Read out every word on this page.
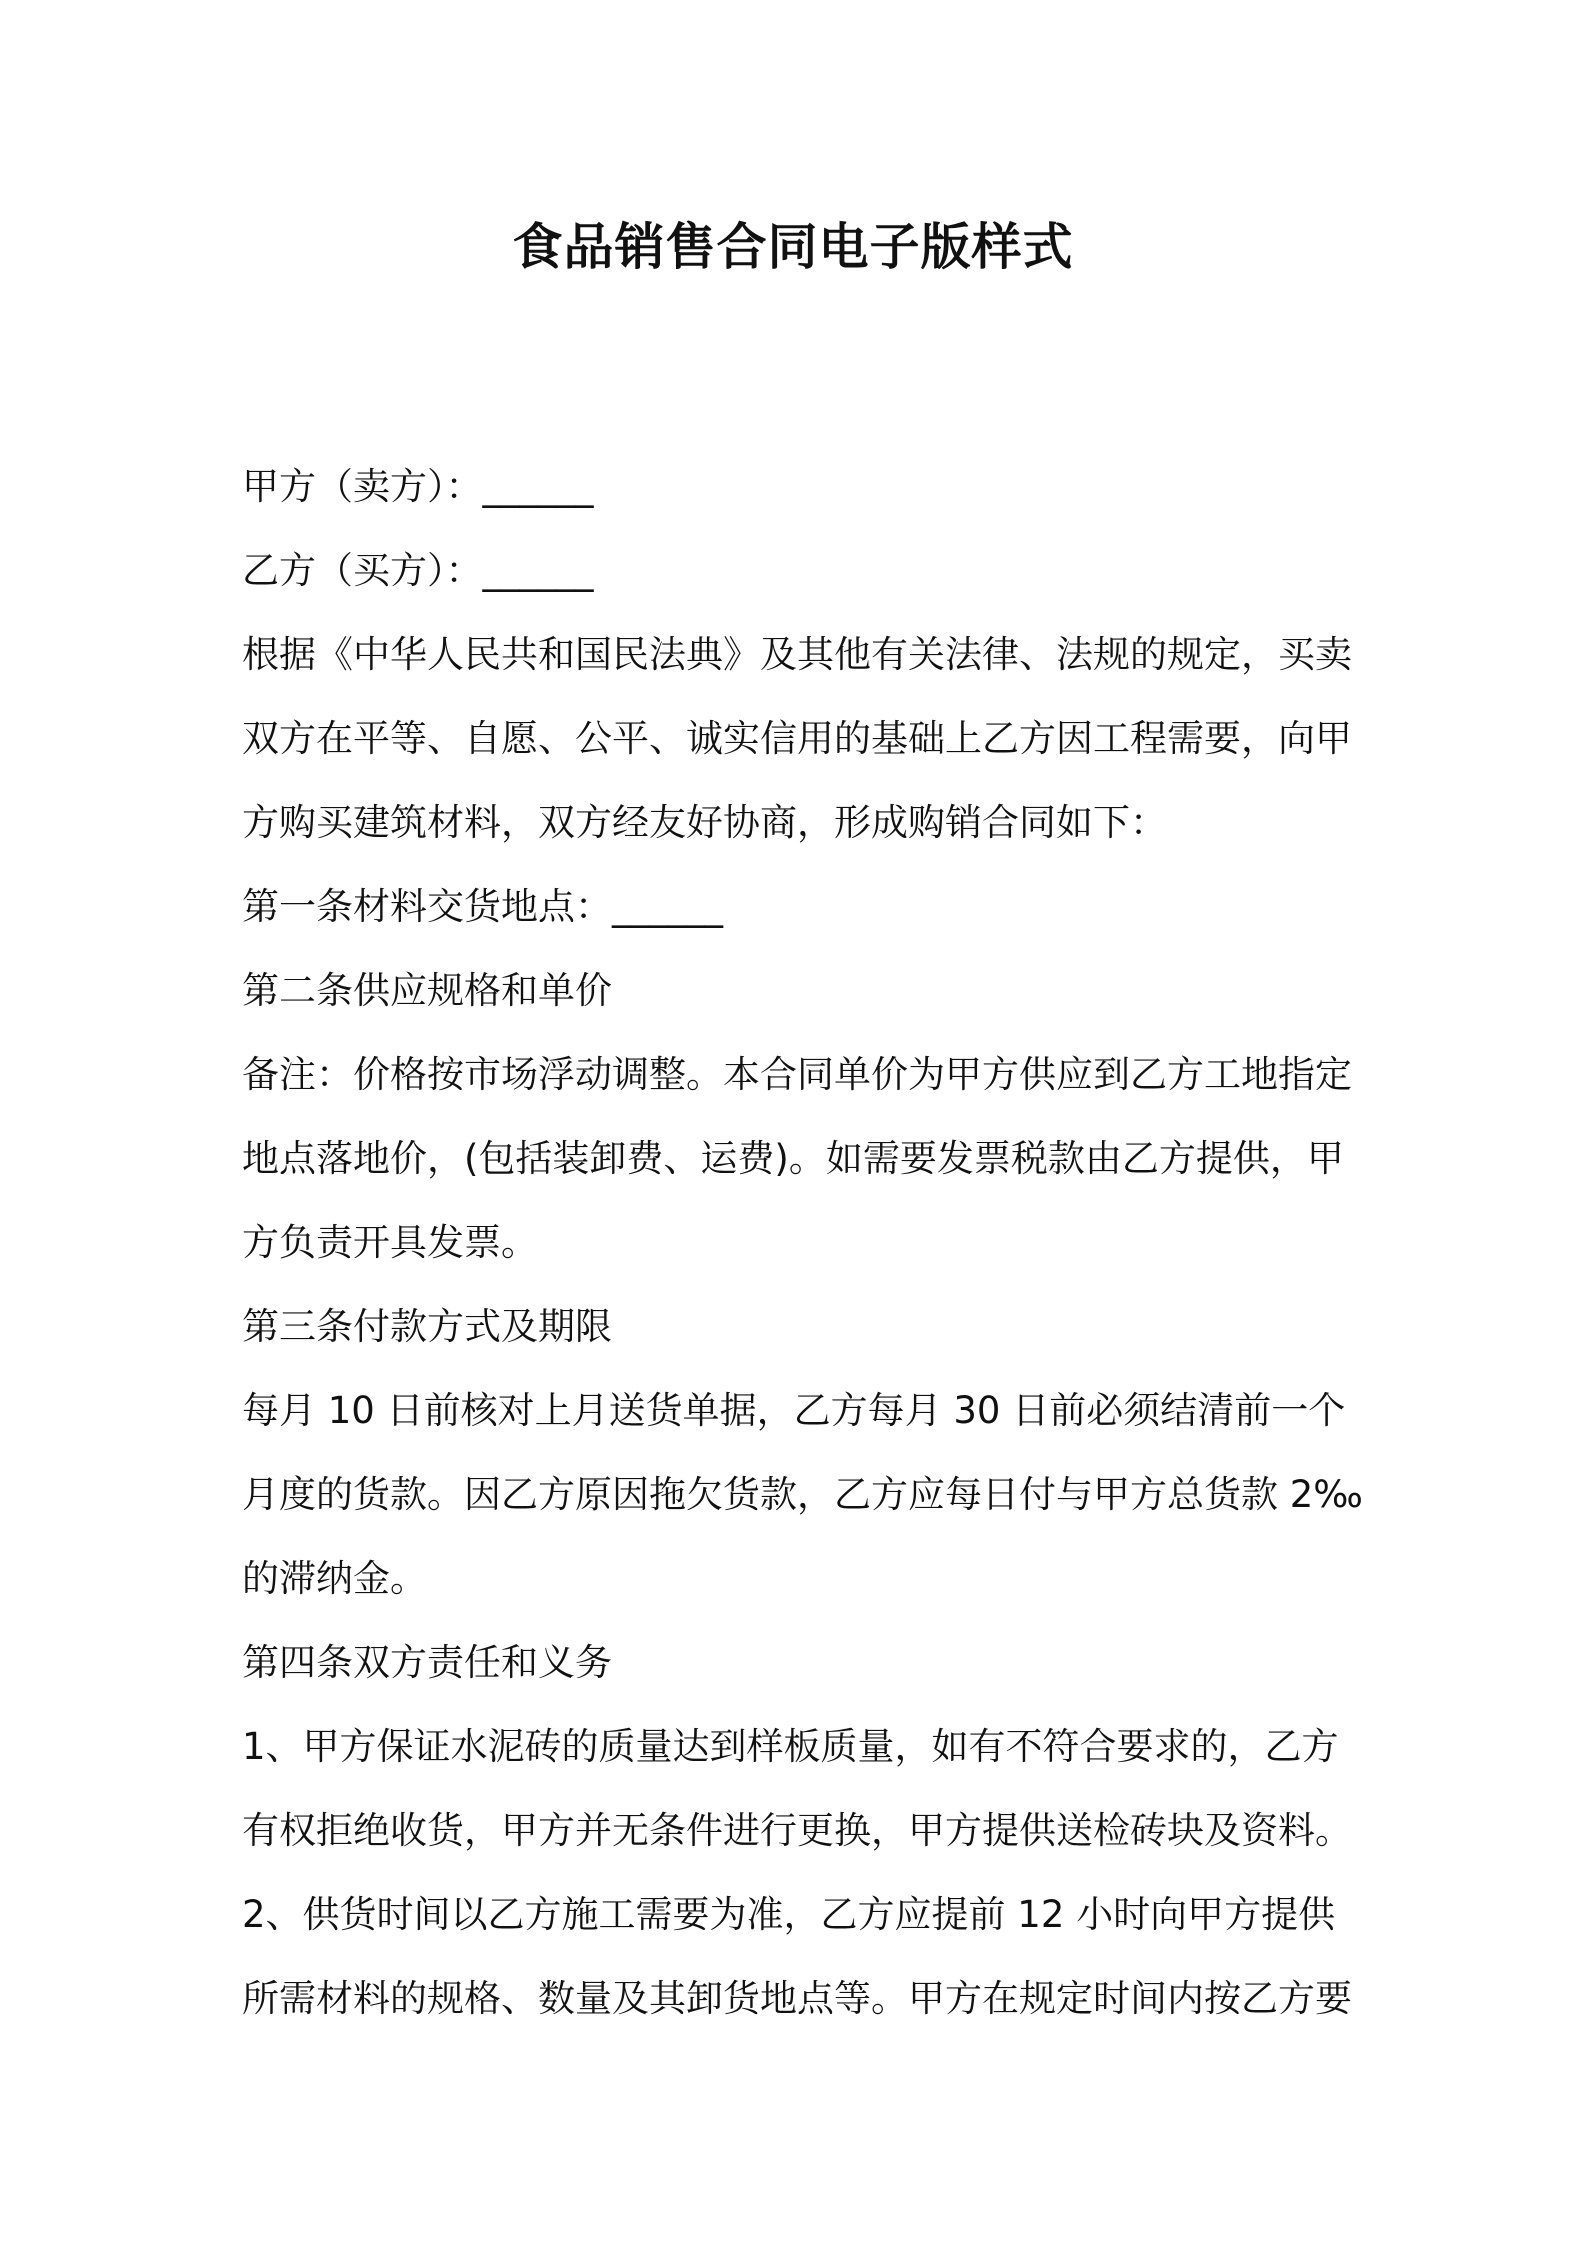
食品销售合同电子版样式
甲方（卖方）：______
乙方（买方）：______
根据《中华人民共和国民法典》及其他有关法律、法规的规定，买卖
双方在平等、自愿、公平、诚实信用的基础上乙方因工程需要，向甲
方购买建筑材料，双方经友好协商，形成购销合同如下：
第一条材料交货地点：______
第二条供应规格和单价
备注：价格按市场浮动调整。本合同单价为甲方供应到乙方工地指定
地点落地价，(包括装卸费、运费)。如需要发票税款由乙方提供，甲
方负责开具发票。
第三条付款方式及期限
每月 10 日前核对上月送货单据，乙方每月 30 日前必须结清前一个
月度的货款。因乙方原因拖欠货款，乙方应每日付与甲方总货款 2‰
的滞纳金。
第四条双方责任和义务
1、甲方保证水泥砖的质量达到样板质量，如有不符合要求的，乙方
有权拒绝收货，甲方并无条件进行更换，甲方提供送检砖块及资料。
2、供货时间以乙方施工需要为准，乙方应提前 12 小时向甲方提供
所需材料的规格、数量及其卸货地点等。甲方在规定时间内按乙方要
